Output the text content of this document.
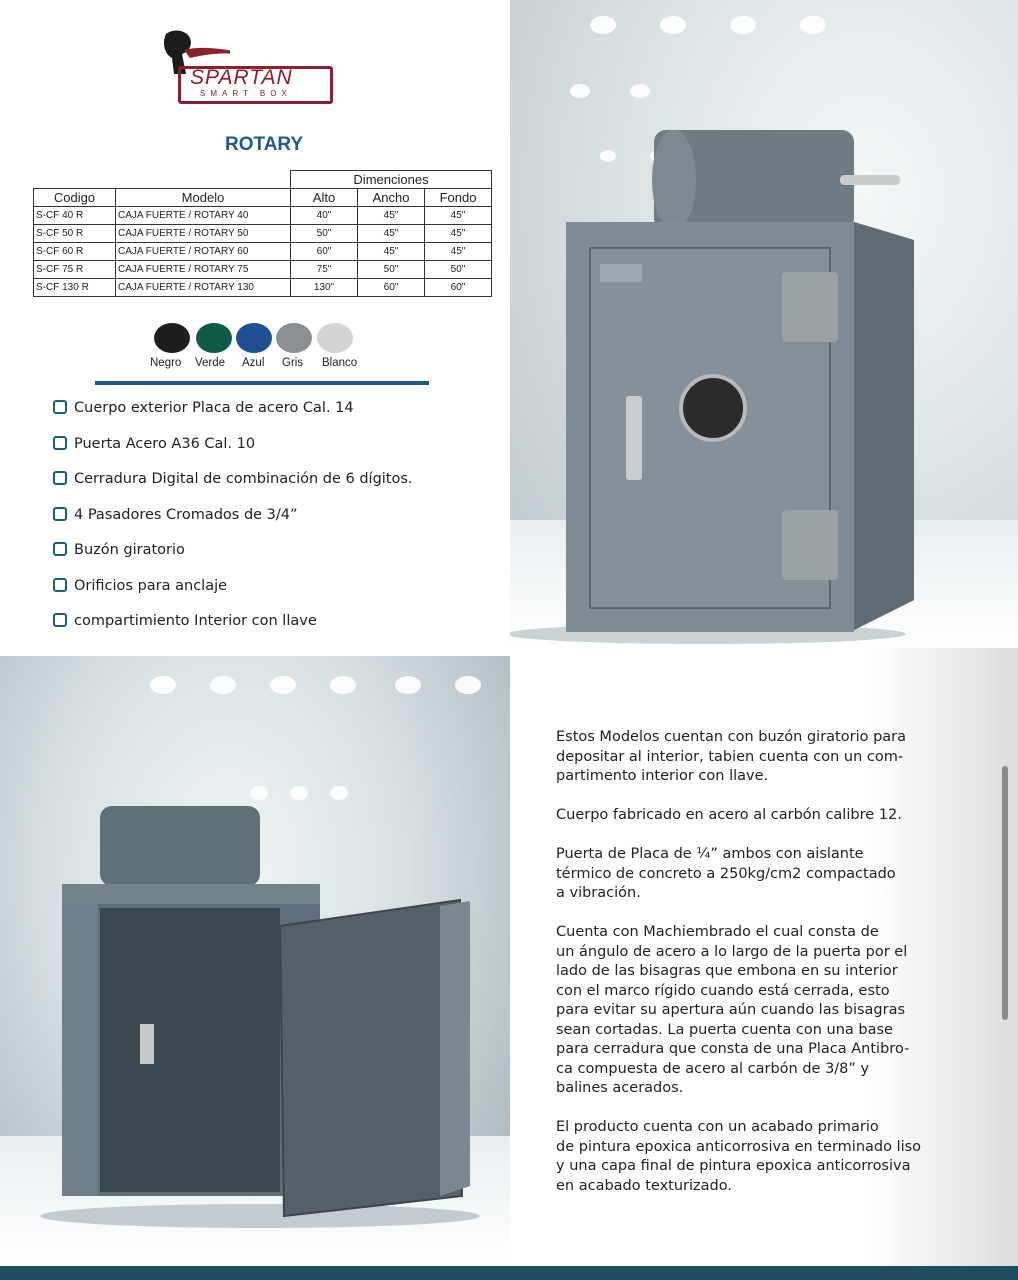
SPARTAN
SMART BOX
ROTARY
		Dimenciones		
Codigo	Modelo	Alto	Ancho	Fondo
S-CF 40 R	CAJA FUERTE / ROTARY 40	40"	45"	45"
S-CF 50 R	CAJA FUERTE / ROTARY 50	50"	45"	45"
S-CF 60 R	CAJA FUERTE / ROTARY 60	60"	45"	45"
S-CF 75 R	CAJA FUERTE / ROTARY 75	75"	50"	50"
S-CF 130 R	CAJA FUERTE / ROTARY 130	130"	60"	60"
Negro Verde Azul Gris Blanco
Cuerpo exterior Placa de acero Cal. 14
Puerta Acero A36 Cal. 10
Cerradura Digital de combinación de 6 dígitos.
4 Pasadores Cromados de 3/4”
Buzón giratorio
Orificios para anclaje
compartimiento Interior con llave

Estos Modelos cuentan con buzón giratorio para
depositar al interior, tabien cuenta con un com-
partimento interior con llave.

Cuerpo fabricado en acero al carbón calibre 12.

Puerta de Placa de ¼” ambos con aislante
térmico de concreto a 250kg/cm2 compactado
a vibración.

Cuenta con Machiembrado el cual consta de
un ángulo de acero a lo largo de la puerta por el
lado de las bisagras que embona en su interior
con el marco rígido cuando está cerrada, esto
para evitar su apertura aún cuando las bisagras
sean cortadas. La puerta cuenta con una base
para cerradura que consta de una Placa Antibro-
ca compuesta de acero al carbón de 3/8” y
balines acerados.

El producto cuenta con un acabado primario
de pintura epoxica anticorrosiva en terminado liso
y una capa final de pintura epoxica anticorrosiva
en acabado texturizado.
